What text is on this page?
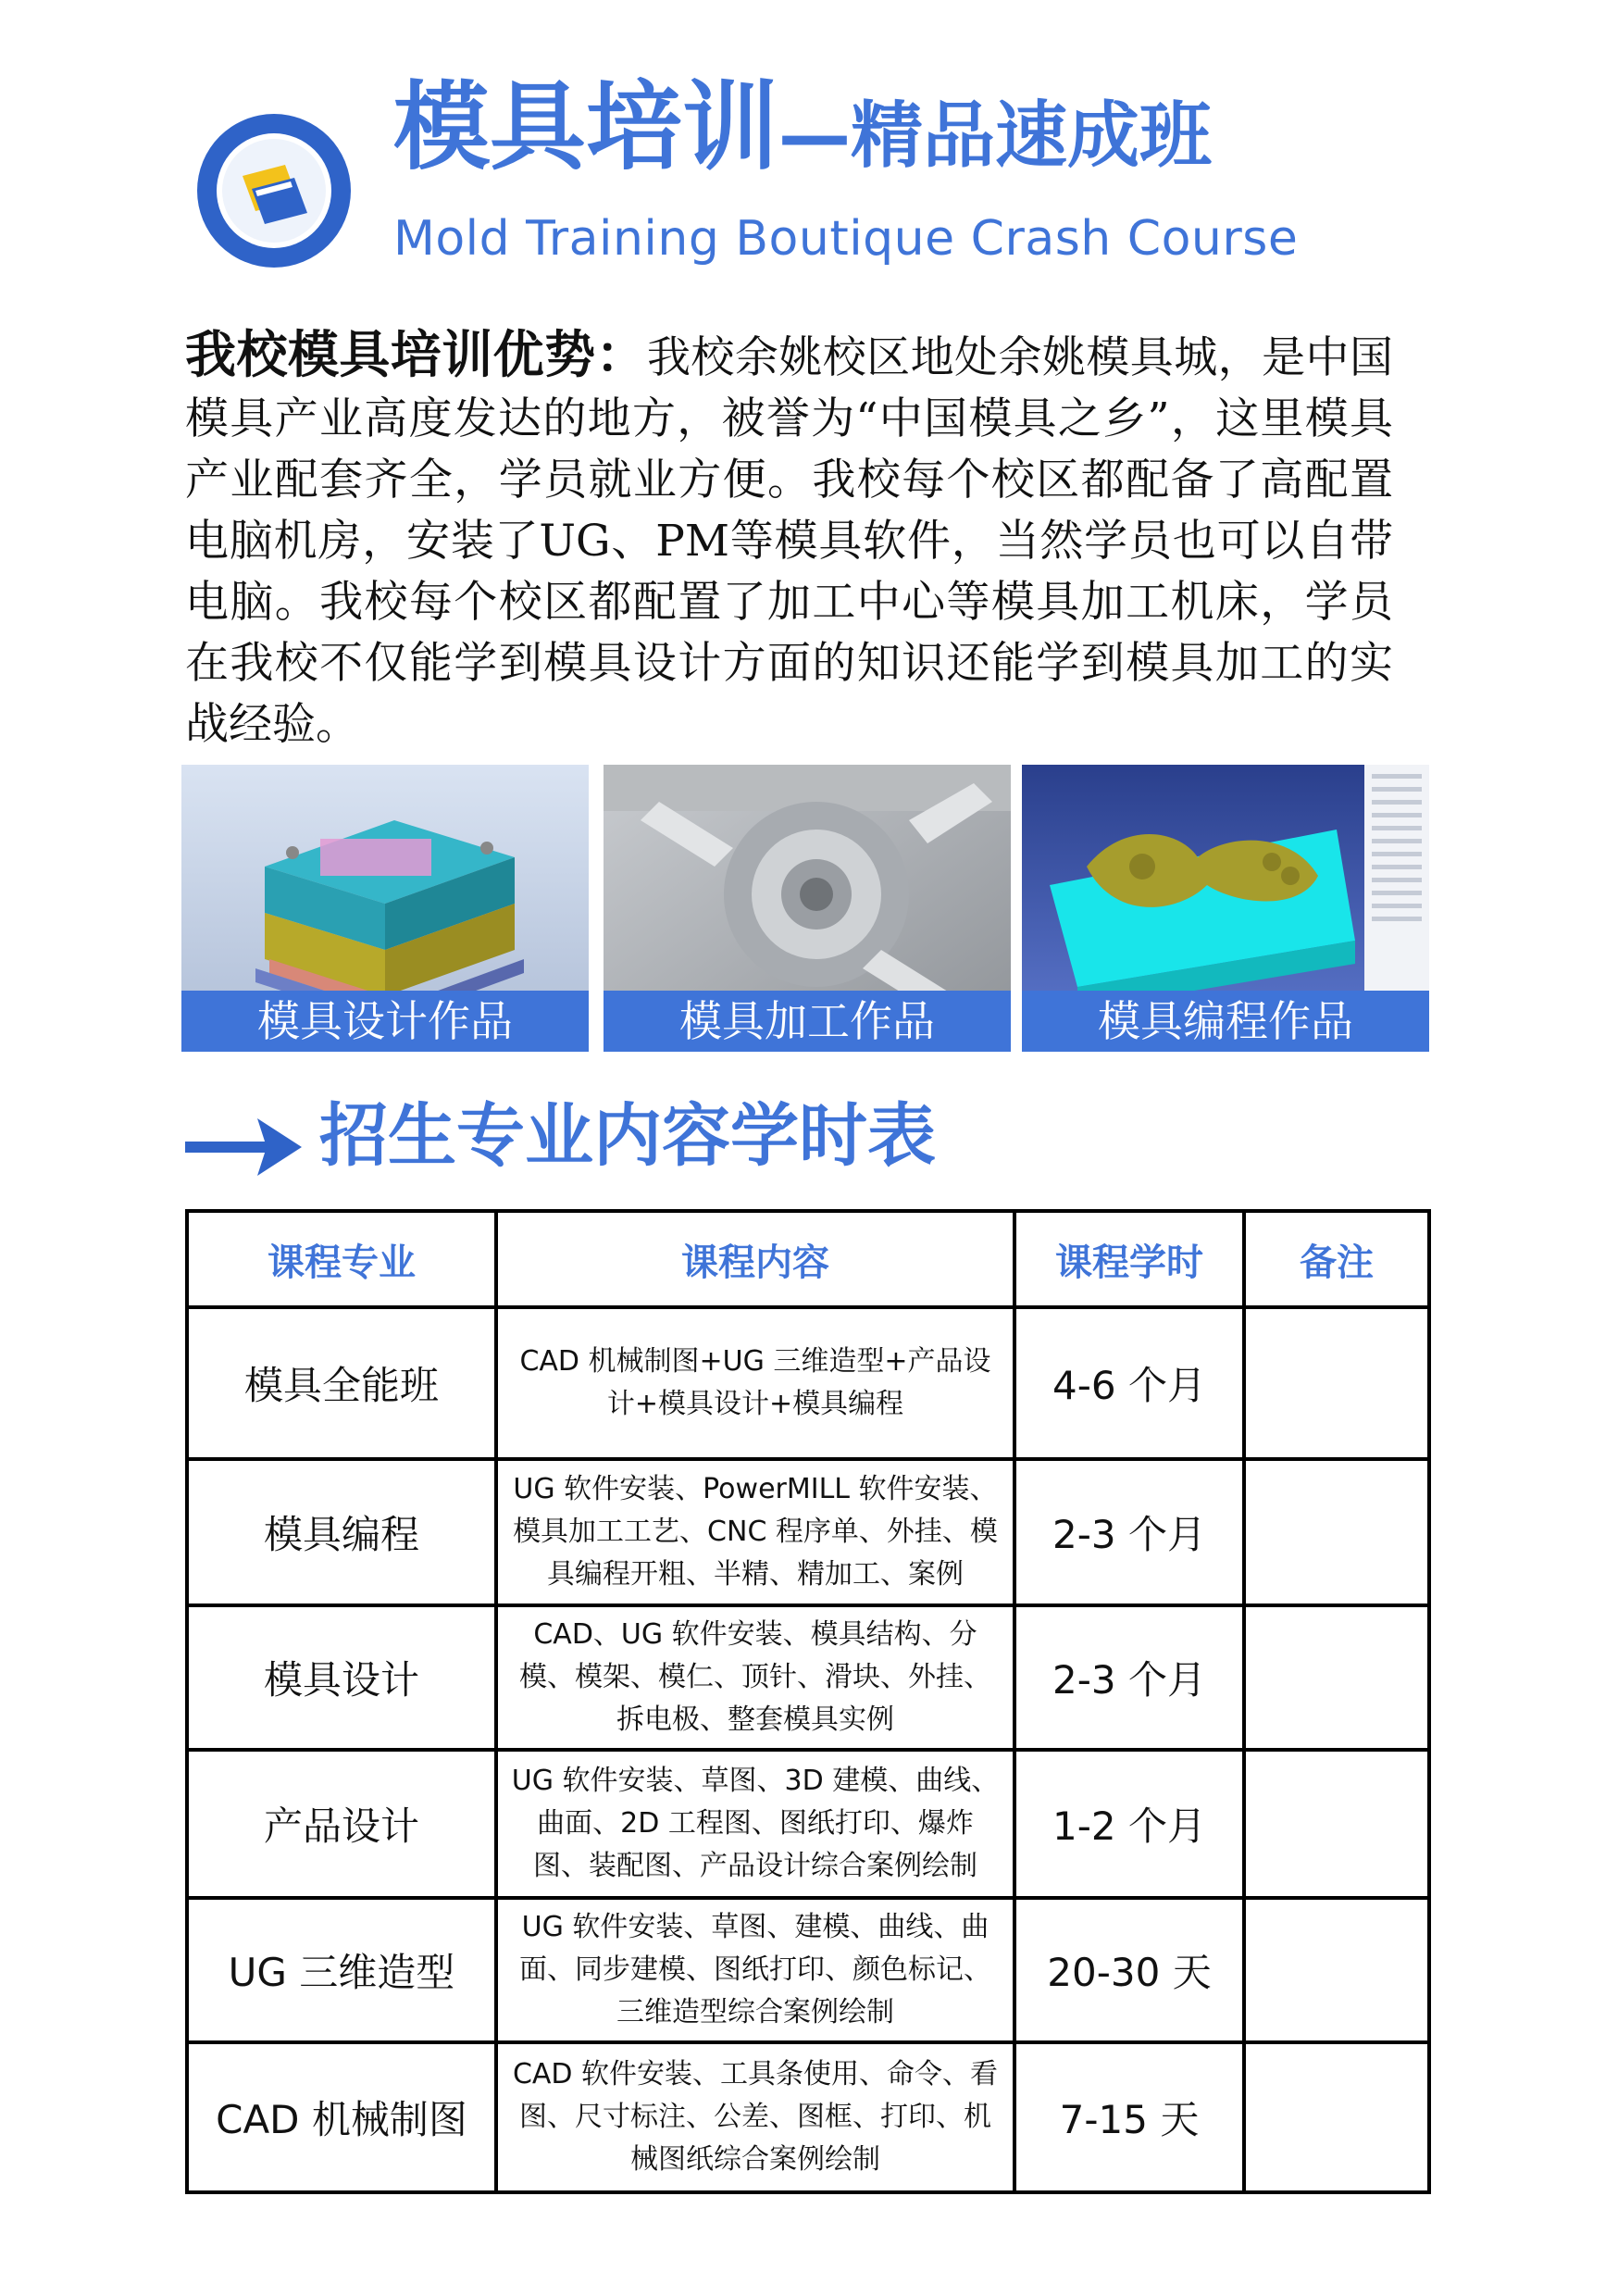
模具培训—精品速成班

Mold Training Boutique Crash Course

我校模具培训优势：我校余姚校区地处余姚模具城，是中国模具产业高度发达的地方，被誉为“中国模具之乡”，这里模具产业配套齐全，学员就业方便。我校每个校区都配备了高配置电脑机房，安装了UG、PM等模具软件，当然学员也可以自带电脑。我校每个校区都配置了加工中心等模具加工机床，学员在我校不仅能学到模具设计方面的知识还能学到模具加工的实战经验。

模具设计作品	模具加工作品	模具编程作品
招生专业内容学时表
课程专业	课程内容	课程学时	备注
模具全能班	CAD 机械制图+UG 三维造型+产品设计+模具设计+模具编程	4-6 个月	
模具编程	UG 软件安装、PowerMILL 软件安装、模具加工工艺、CNC 程序单、外挂、模具编程开粗、半精、精加工、案例	2-3 个月	
模具设计	CAD、UG 软件安装、模具结构、分模、模架、模仁、顶针、滑块、外挂、拆电极、整套模具实例	2-3 个月	
产品设计	UG 软件安装、草图、3D 建模、曲线、曲面、2D 工程图、图纸打印、爆炸图、装配图、产品设计综合案例绘制	1-2 个月	
UG 三维造型	UG 软件安装、草图、建模、曲线、曲面、同步建模、图纸打印、颜色标记、三维造型综合案例绘制	20-30 天	
CAD 机械制图	CAD 软件安装、工具条使用、命令、看图、尺寸标注、公差、图框、打印、机械图纸综合案例绘制	7-15 天	
